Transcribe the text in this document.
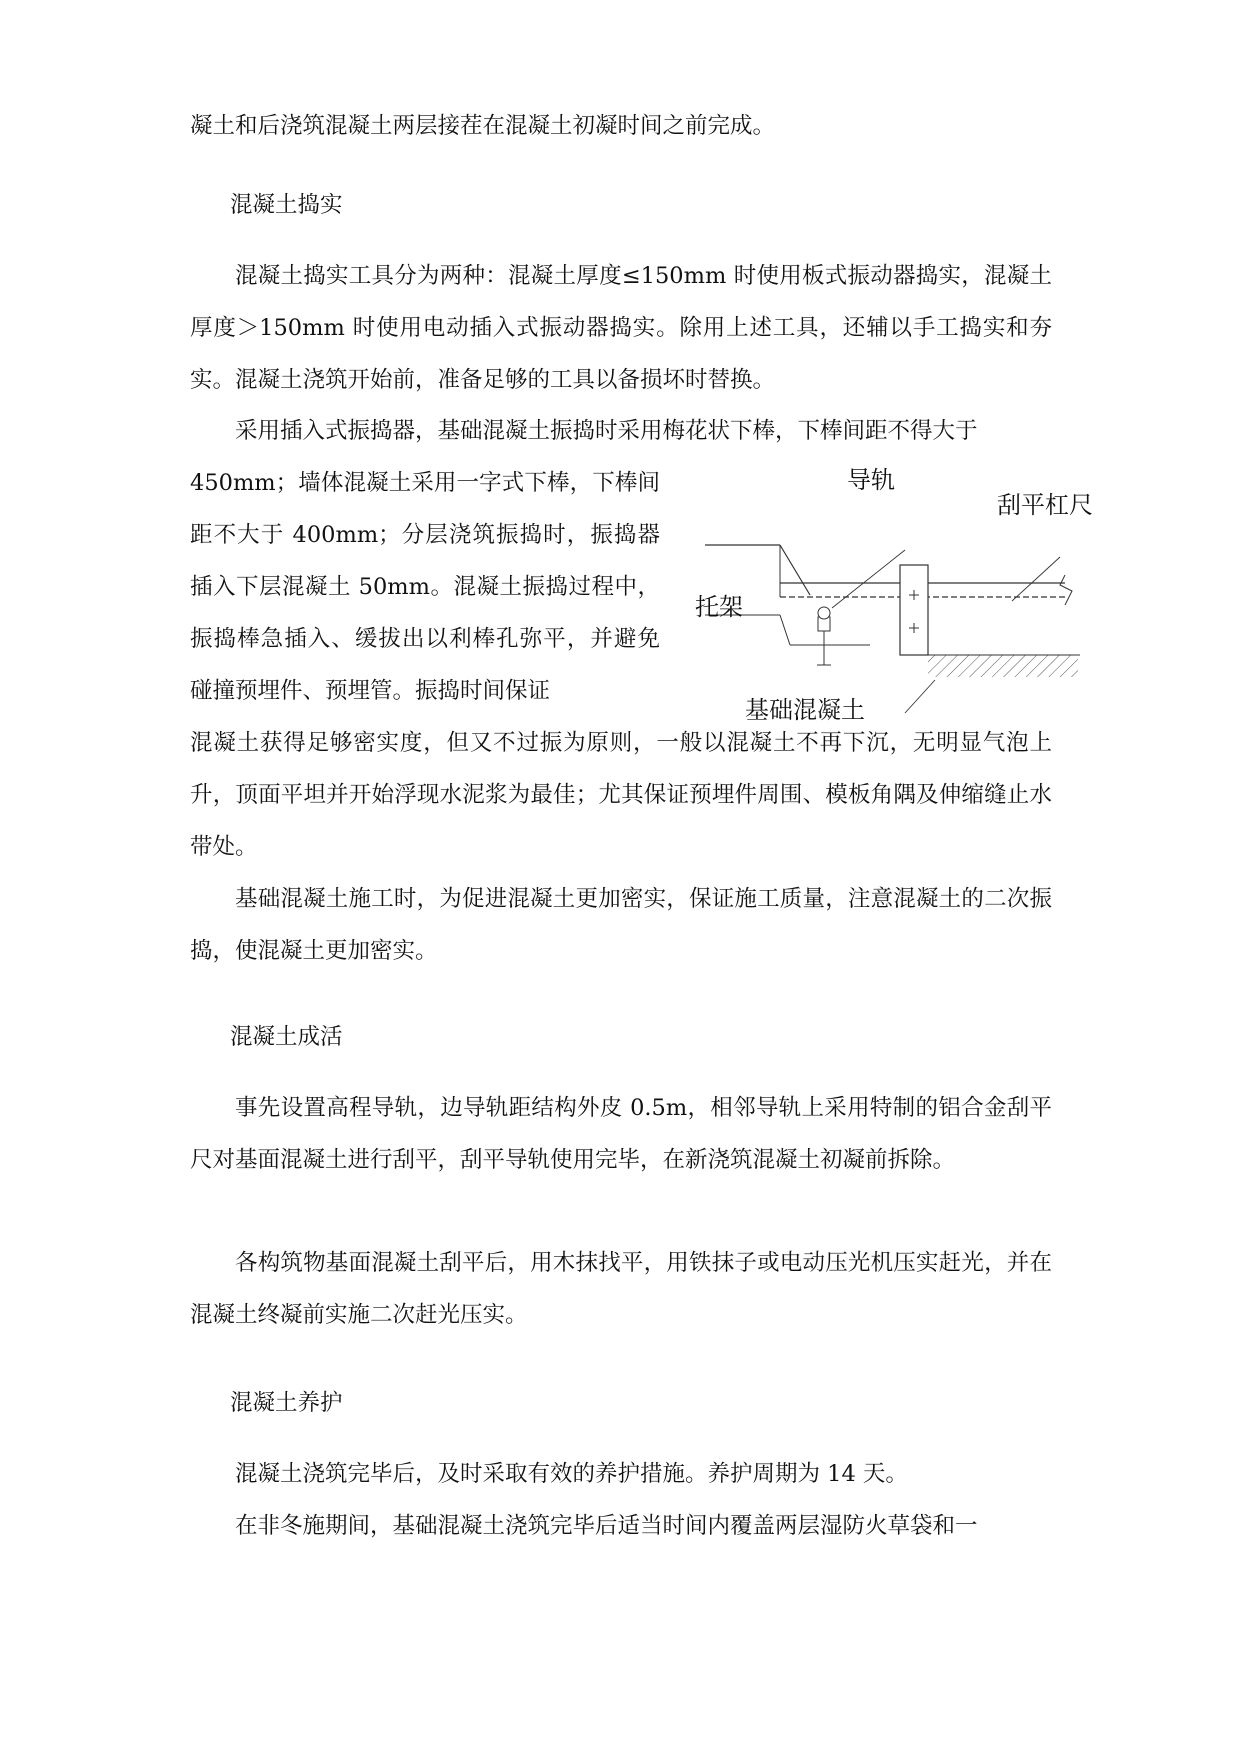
凝土和后浇筑混凝土两层接茬在混凝土初凝时间之前完成。

混凝土捣实

混凝土捣实工具分为两种：混凝土厚度≤150mm 时使用板式振动器捣实，混凝土厚度＞150mm 时使用电动插入式振动器捣实。除用上述工具，还辅以手工捣实和夯实。混凝土浇筑开始前，准备足够的工具以备损坏时替换。

采用插入式振捣器，基础混凝土振捣时采用梅花状下棒，下棒间距不得大于

450mm；墙体混凝土采用一字式下棒，下棒间距不大于 400mm；分层浇筑振捣时，振捣器插入下层混凝土 50mm。混凝土振捣过程中，振捣棒急插入、缓拔出以利棒孔弥平，并避免碰撞预埋件、预埋管。振捣时间保证

混凝土获得足够密实度，但又不过振为原则，一般以混凝土不再下沉，无明显气泡上升，顶面平坦并开始浮现水泥浆为最佳；尤其保证预埋件周围、模板角隅及伸缩缝止水带处。

基础混凝土施工时，为促进混凝土更加密实，保证施工质量，注意混凝土的二次振捣，使混凝土更加密实。

混凝土成活

事先设置高程导轨，边导轨距结构外皮 0.5m，相邻导轨上采用特制的铝合金刮平尺对基面混凝土进行刮平，刮平导轨使用完毕，在新浇筑混凝土初凝前拆除。

各构筑物基面混凝土刮平后，用木抹找平，用铁抹子或电动压光机压实赶光，并在混凝土终凝前实施二次赶光压实。

混凝土养护

混凝土浇筑完毕后，及时采取有效的养护措施。养护周期为 14 天。

在非冬施期间，基础混凝土浇筑完毕后适当时间内覆盖两层湿防火草袋和一

导轨
刮平杠尺
托架
基础混凝土
